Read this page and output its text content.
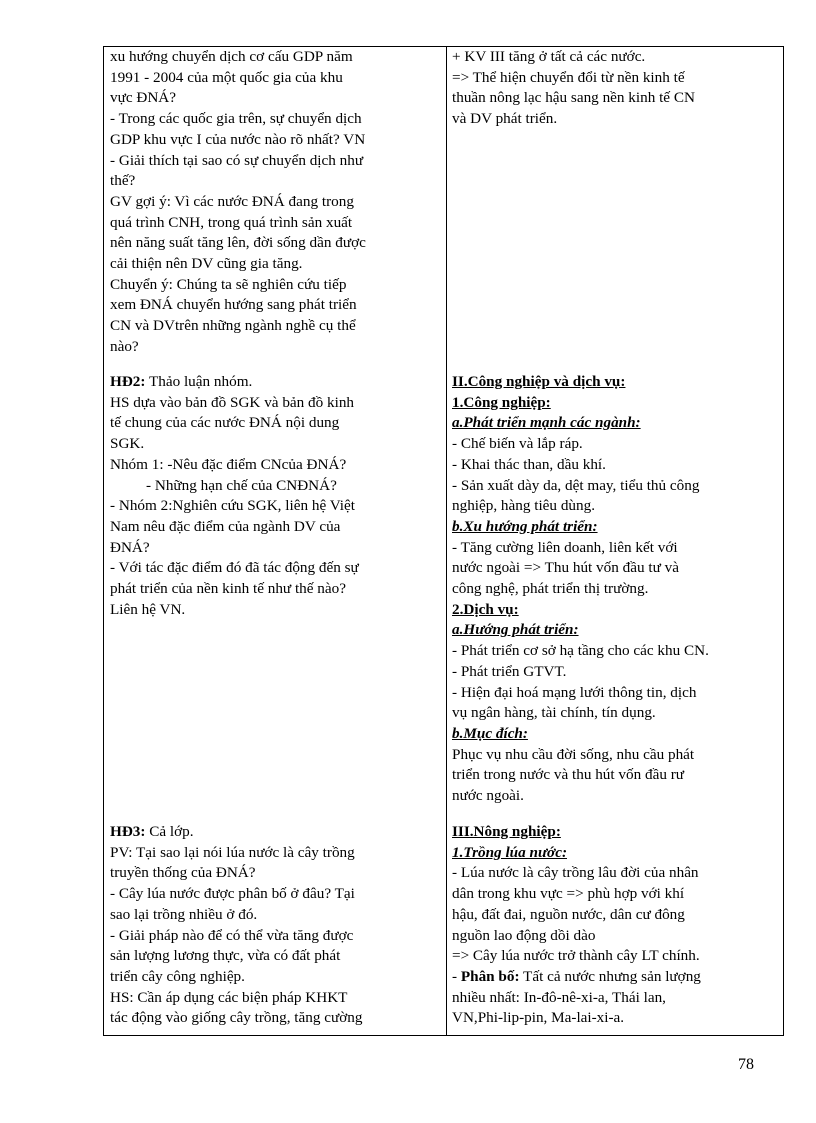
xu hướng chuyển dịch cơ cấu GDP năm
1991 - 2004 của một quốc gia của khu
vực ĐNÁ?
- Trong các quốc gia trên, sự chuyển dịch
GDP khu vực I của nước nào rõ nhất? VN
- Giải thích tại sao có sự chuyển dịch như
thế?
GV gợi ý: Vì các nước ĐNÁ đang trong
quá trình CNH, trong quá trình sản xuất
nên năng suất tăng lên, đời sống dần được
cải thiện nên DV cũng gia tăng.
Chuyển ý: Chúng ta sẽ nghiên cứu tiếp
xem ĐNÁ chuyển hướng sang phát triển
CN và DVtrên những ngành nghề cụ thể
nào?
HĐ2: Thảo luận nhóm.
HS dựa vào bản đồ SGK và bản đồ kinh
tế chung của các nước ĐNÁ nội dung
SGK.
Nhóm 1: -Nêu đặc điểm CNcủa ĐNÁ?
- Những hạn chế của CNĐNÁ?
- Nhóm 2:Nghiên cứu SGK, liên hệ Việt
Nam nêu đặc điểm của ngành DV của
ĐNÁ?
- Với tác đặc điểm đó đã tác động đến sự
phát triển của nền kinh tế như thế nào?
Liên hệ VN.
HĐ3: Cả lớp.
PV: Tại sao lại nói lúa nước là cây trồng
truyền thống của ĐNÁ?
- Cây lúa nước được phân bố ở đâu? Tại
sao lại trồng nhiều ở đó.
- Giải pháp nào để có thể vừa tăng được
sản lượng lương thực, vừa có đất phát
triển cây công nghiệp.
HS: Cần áp dụng các biện pháp KHKT
tác động vào giống cây trồng, tăng cường
+ KV III tăng ở tất cả các nước.
=> Thể hiện chuyển đổi từ nền kinh tế
thuần nông lạc hậu sang nền kinh tế CN
và DV phát triển.
II.Công nghiệp và dịch vụ:
1.Công nghiệp:
a.Phát triển mạnh các ngành:
- Chế biến và lắp ráp.
- Khai thác than, dầu khí.
- Sản xuất dày da, dệt may, tiểu thủ công
nghiệp, hàng tiêu dùng.
b.Xu hướng phát triển:
- Tăng cường liên doanh, liên kết với
nước ngoài => Thu hút vốn đầu tư và
công nghệ, phát triển thị trường.
2.Dịch vụ:
a.Hướng phát triển:
- Phát triển cơ sở hạ tầng cho các khu CN.
- Phát triển GTVT.
- Hiện đại hoá mạng lưới thông tin, dịch
vụ ngân hàng, tài chính, tín dụng.
b.Mục đích:
Phục vụ nhu cầu đời sống, nhu cầu phát
triển trong nước và thu hút vốn đầu rư
nước ngoài.
III.Nông nghiệp:
1.Trồng lúa nước:
- Lúa nước là cây trồng lâu đời của nhân
dân trong khu vực => phù hợp với khí
hậu, đất đai, nguồn nước, dân cư đông
nguồn lao động dồi dào
=> Cây lúa nước trở thành cây LT chính.
- Phân bố: Tất cả nước nhưng sản lượng
nhiều nhất: In-đô-nê-xi-a, Thái lan,
VN,Phi-lip-pin, Ma-lai-xi-a.
78
